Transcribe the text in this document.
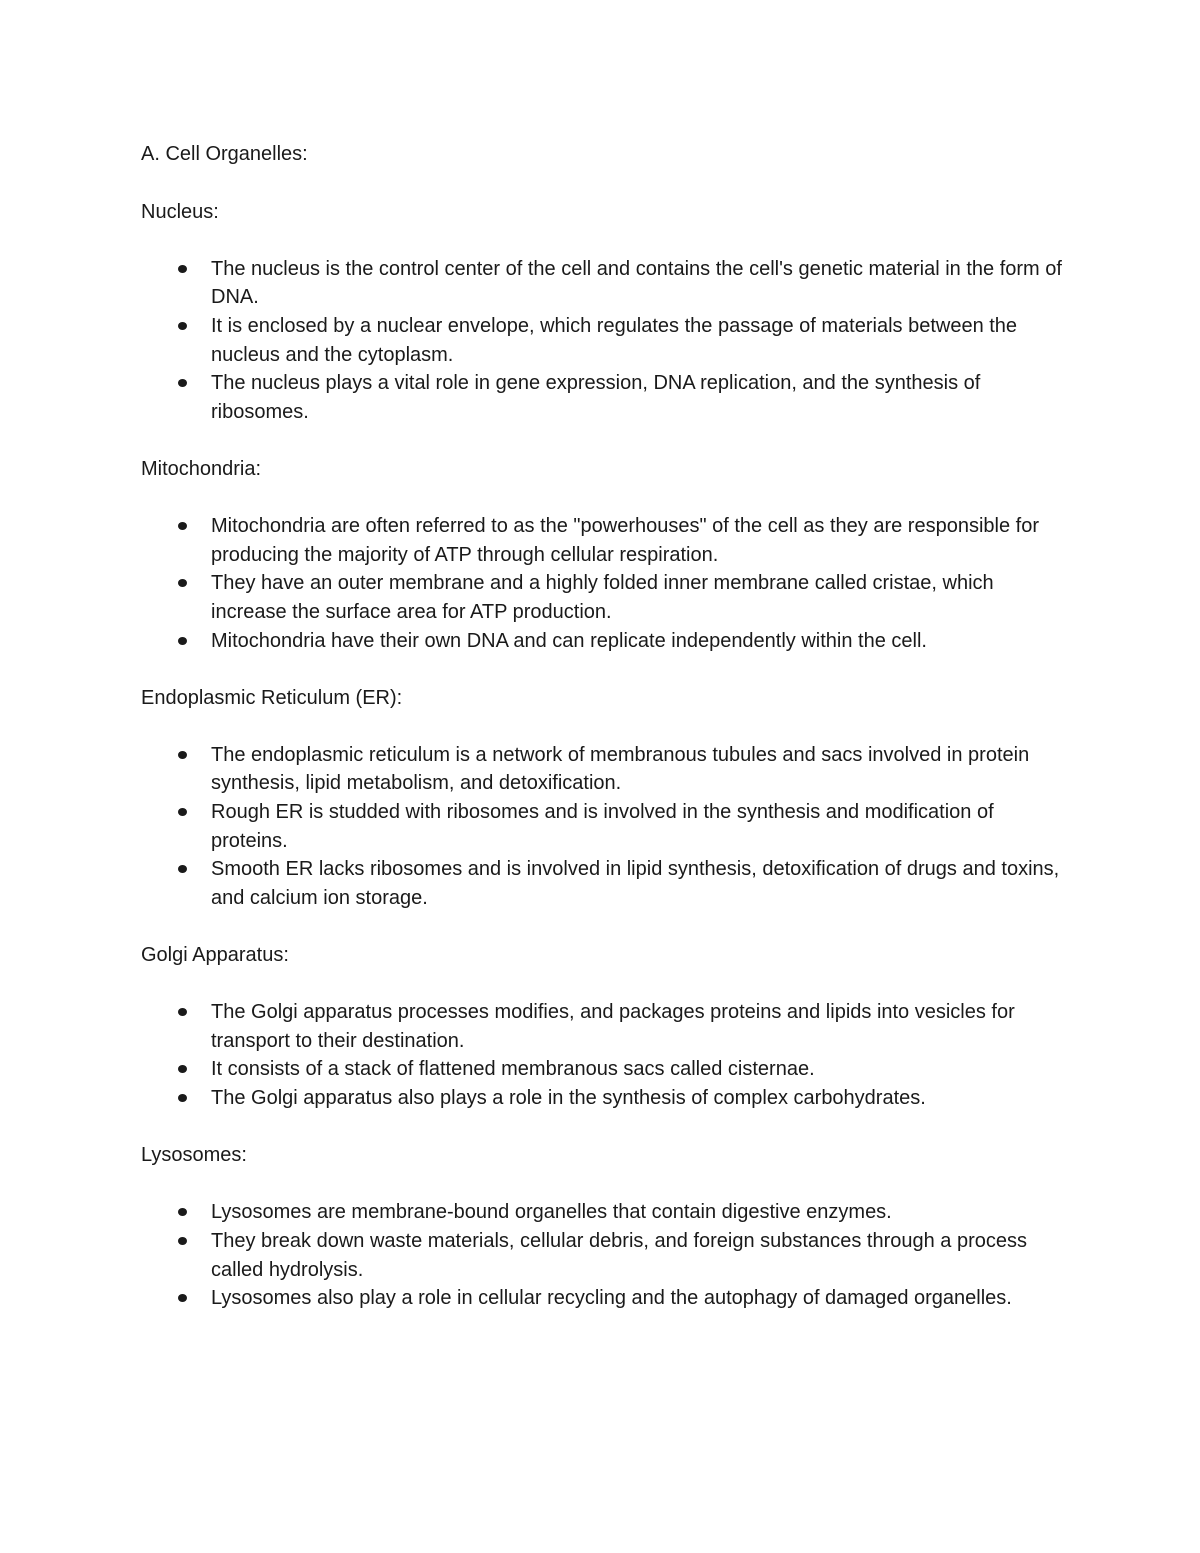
A. Cell Organelles:
Nucleus:
The nucleus is the control center of the cell and contains the cell's genetic material in the form of DNA.
It is enclosed by a nuclear envelope, which regulates the passage of materials between the nucleus and the cytoplasm.
The nucleus plays a vital role in gene expression, DNA replication, and the synthesis of ribosomes.
Mitochondria:
Mitochondria are often referred to as the "powerhouses" of the cell as they are responsible for producing the majority of ATP through cellular respiration.
They have an outer membrane and a highly folded inner membrane called cristae, which increase the surface area for ATP production.
Mitochondria have their own DNA and can replicate independently within the cell.
Endoplasmic Reticulum (ER):
The endoplasmic reticulum is a network of membranous tubules and sacs involved in protein synthesis, lipid metabolism, and detoxification.
Rough ER is studded with ribosomes and is involved in the synthesis and modification of proteins.
Smooth ER lacks ribosomes and is involved in lipid synthesis, detoxification of drugs and toxins, and calcium ion storage.
Golgi Apparatus:
The Golgi apparatus processes modifies, and packages proteins and lipids into vesicles for transport to their destination.
It consists of a stack of flattened membranous sacs called cisternae.
The Golgi apparatus also plays a role in the synthesis of complex carbohydrates.
Lysosomes:
Lysosomes are membrane-bound organelles that contain digestive enzymes.
They break down waste materials, cellular debris, and foreign substances through a process called hydrolysis.
Lysosomes also play a role in cellular recycling and the autophagy of damaged organelles.
